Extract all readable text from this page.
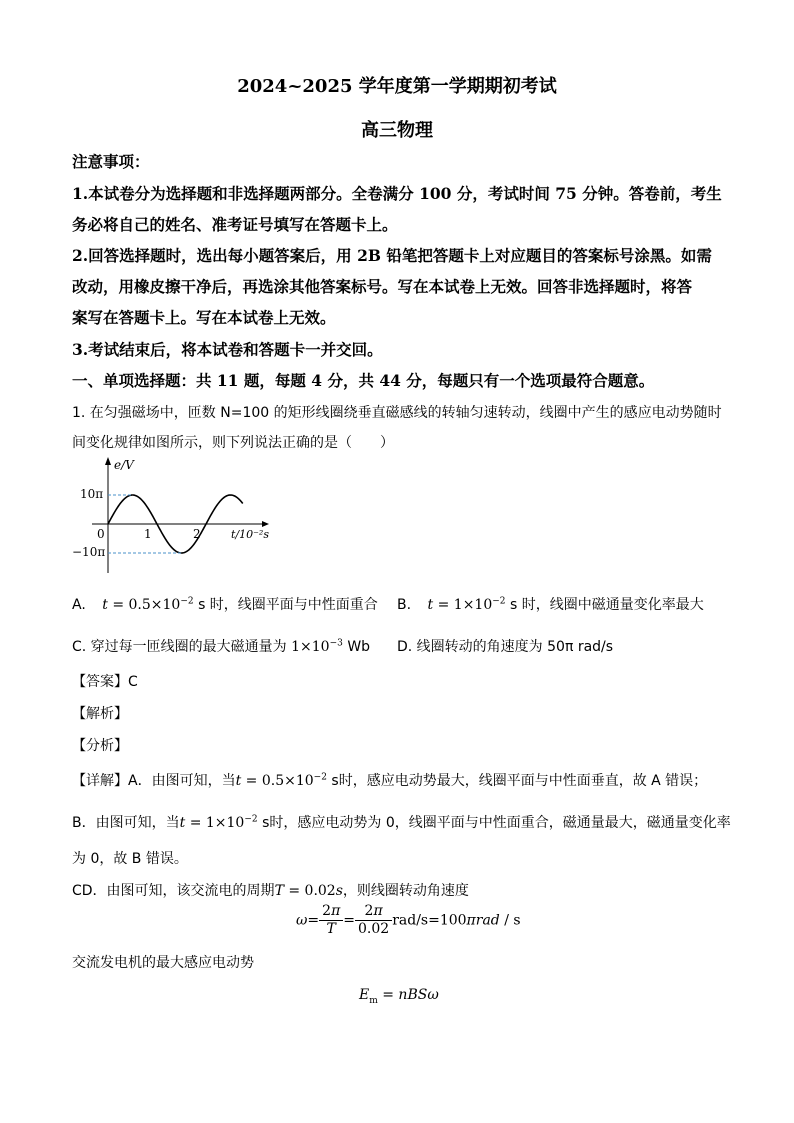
2024~2025 学年度第一学期期初考试
高三物理
注意事项：
1.本试卷分为选择题和非选择题两部分。全卷满分 100 分，考试时间 75 分钟。答卷前，考生
务必将自己的姓名、准考证号填写在答题卡上。
2.回答选择题时，选出每小题答案后，用 2B 铅笔把答题卡上对应题目的答案标号涂黑。如需
改动，用橡皮擦干净后，再选涂其他答案标号。写在本试卷上无效。回答非选择题时，将答
案写在答题卡上。写在本试卷上无效。
3.考试结束后，将本试卷和答题卡一并交回。
一、单项选择题：共 11 题，每题 4 分，共 44 分，每题只有一个选项最符合题意。
1. 在匀强磁场中，匝数 N=100 的矩形线圈绕垂直磁感线的转轴匀速转动，线圈中产生的感应电动势随时
间变化规律如图所示，则下列说法正确的是（　　）
e/V
10π
−10π
0	1	2	t/10⁻²s
A. $t = 0.5\times 10^{-2}$ s 时，线圈平面与中性面重合 B. $t = 1\times 10^{-2}$ s 时，线圈中磁通量变化率最大
C. 穿过每一匝线圈的最大磁通量为 $1\times 10^{-3}$ Wb D. 线圈转动的角速度为 50π rad/s
【答案】C
【解析】
【分析】
【详解】A．由图可知，当$t = 0.5\times 10^{-2}$ s时，感应电动势最大，线圈平面与中性面垂直，故 A 错误；
B．由图可知，当$t = 1\times 10^{-2}$ s时，感应电动势为 0，线圈平面与中性面重合，磁通量最大，磁通量变化率
为 0，故 B 错误。
CD．由图可知，该交流电的周期T = 0.02s，则线圈转动角速度
$\omega= \frac{2\pi}{T} = \frac{2\pi}{0.02} rad/s=100\pi rad / s$
交流发电机的最大感应电动势
$E_m = nBS\omega$
